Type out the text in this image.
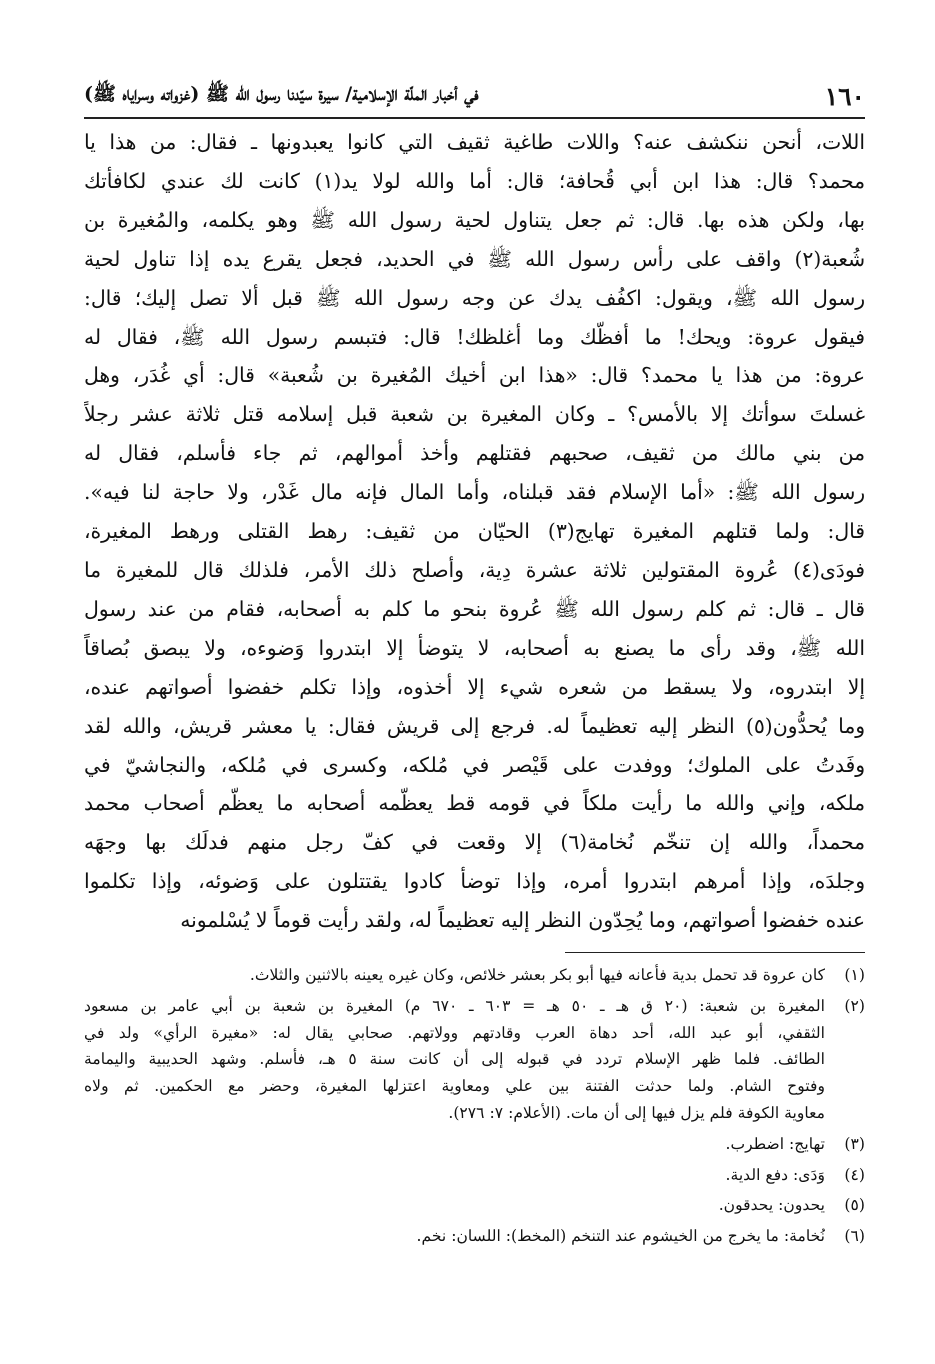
١٦٠
في أخبار الملّة الإسلامية/ سيرة سيّدنا رسول الله ﷺ (غزواته وسراياه ﷺ)
اللات، أنحن ننكشف عنه؟ واللات طاغية ثقيف التي كانوا يعبدونها ـ فقال: من هذا يا
محمد؟ قال: هذا ابن أبي قُحافة؛ قال: أما والله لولا يد(١) كانت لك عندي لكافأتك
بها، ولكن هذه بها. قال: ثم جعل يتناول لحية رسول الله ﷺ وهو يكلمه، والمُغيرة بن
شُعبة(٢) واقف على رأس رسول الله ﷺ في الحديد، فجعل يقرع يده إذا تناول لحية
رسول الله ﷺ، ويقول: اكفُف يدك عن وجه رسول الله ﷺ قبل ألا تصل إليك؛ قال:
فيقول عروة: ويحك! ما أفظّك وما أغلظك! قال: فتبسم رسول الله ﷺ، فقال له
عروة: من هذا يا محمد؟ قال: «هذا ابن أخيك المُغيرة بن شُعبة» قال: أي غُدَر، وهل
غسلتَ سوأتك إلا بالأمس؟ ـ وكان المغيرة بن شعبة قبل إسلامه قتل ثلاثة عشر رجلاً
من بني مالك من ثقيف، صحبهم فقتلهم وأخذ أموالهم، ثم جاء فأسلم، فقال له
رسول الله ﷺ: «أما الإسلام فقد قبلناه، وأما المال فإنه مال غَدْر، ولا حاجة لنا فيه».
قال: ولما قتلهم المغيرة تهايج(٣) الحيّان من ثقيف: رهط القتلى ورهط المغيرة،
فودَى(٤) عُروة المقتولين ثلاثة عشرة دِية، وأصلح ذلك الأمر، فلذلك قال للمغيرة ما
قال ـ قال: ثم كلم رسول الله ﷺ عُروة بنحو ما كلم به أصحابه، فقام من عند رسول
الله ﷺ، وقد رأى ما يصنع به أصحابه، لا يتوضأ إلا ابتدروا وَضوءه، ولا يبصق بُصاقاً
إلا ابتدروه، ولا يسقط من شعره شيء إلا أخذوه، وإذا تكلم خفضوا أصواتهم عنده،
وما يُحدُّون(٥) النظر إليه تعظيماً له. فرجع إلى قريش فقال: يا معشر قريش، والله لقد
وفَدتُ على الملوك؛ ووفدت على قَيْصر في مُلكه، وكسرى في مُلكه، والنجاشيّ في
ملكه، وإني والله ما رأيت ملكاً في قومه قط يعظّمه أصحابه ما يعظّم أصحاب محمد
محمداً، والله إن تنخّم نُخامة(٦) إلا وقعت في كفّ رجل منهم فدلَك بها وجهَه
وجلدَه، وإذا أمرهم ابتدروا أمره، وإذا توضأ كادوا يقتتلون على وَضوئه، وإذا تكلموا
عنده خفضوا أصواتهم، وما يُحِدّون النظر إليه تعظيماً له، ولقد رأيت قوماً لا يُسْلمونه
(١)
كان عروة قد تحمل بدية فأعانه فيها أبو بكر بعشر خلائص، وكان غيره يعينه بالاثنين والثلاث.
(٢)
المغيرة بن شعبة: (٢٠ ق هـ ـ ٥٠ هـ = ٦٠٣ ـ ٦٧٠ م) المغيرة بن شعبة بن أبي عامر بن مسعود
الثقفي، أبو عبد الله، أحد دهاة العرب وقادتهم وولاتهم. صحابي يقال له: «مغيرة الرأي» ولد في
الطائف. فلما ظهر الإسلام تردد في قبوله إلى أن كانت سنة ٥ هـ، فأسلم. وشهد الحديبية واليمامة
وفتوح الشام. ولما حدثت الفتنة بين علي ومعاوية اعتزلها المغيرة، وحضر مع الحكمين. ثم ولاه
معاوية الكوفة فلم يزل فيها إلى أن مات. (الأعلام: ٧: ٢٧٦).
(٣)
تهايج: اضطرب.
(٤)
وَدَى: دفع الدية.
(٥)
يحدون: يحدقون.
(٦)
نُخامة: ما يخرج من الخيشوم عند التنخم (المخط): اللسان: نخم.
